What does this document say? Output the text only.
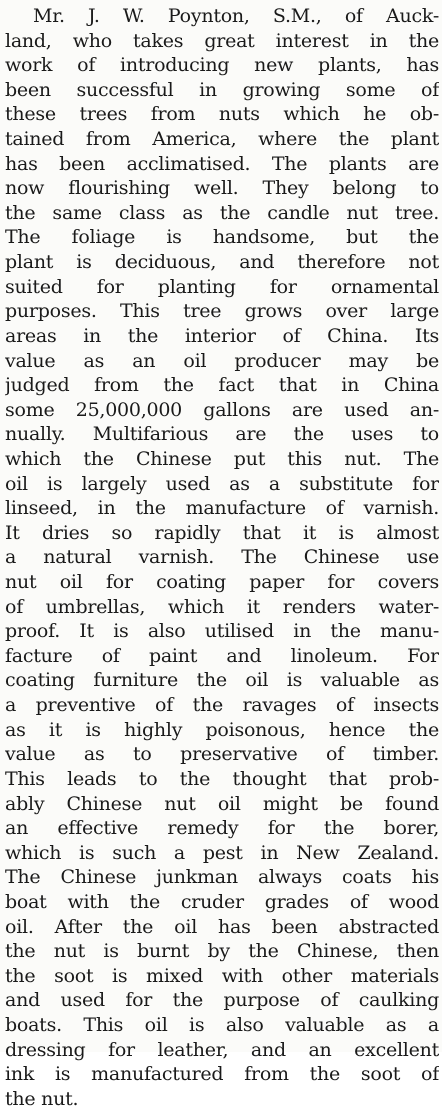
Mr. J. W. Poynton, S.M., of Auck-
land, who takes great interest in the
work of introducing new plants, has
been successful in growing some of
these trees from nuts which he ob-
tained from America, where the plant
has been acclimatised. The plants are
now flourishing well. They belong to
the same class as the candle nut tree.
The foliage is handsome, but the
plant is deciduous, and therefore not
suited for planting for ornamental
purposes. This tree grows over large
areas in the interior of China. Its
value as an oil producer may be
judged from the fact that in China
some 25,000,000 gallons are used an-
nually. Multifarious are the uses to
which the Chinese put this nut. The
oil is largely used as a substitute for
linseed, in the manufacture of varnish.
It dries so rapidly that it is almost
a natural varnish. The Chinese use
nut oil for coating paper for covers
of umbrellas, which it renders water-
proof. It is also utilised in the manu-
facture of paint and linoleum. For
coating furniture the oil is valuable as
a preventive of the ravages of insects
as it is highly poisonous, hence the
value as to preservative of timber.
This leads to the thought that prob-
ably Chinese nut oil might be found
an effective remedy for the borer,
which is such a pest in New Zealand.
The Chinese junkman always coats his
boat with the cruder grades of wood
oil. After the oil has been abstracted
the nut is burnt by the Chinese, then
the soot is mixed with other materials
and used for the purpose of caulking
boats. This oil is also valuable as a
dressing for leather, and an excellent
ink is manufactured from the soot of
the nut.
